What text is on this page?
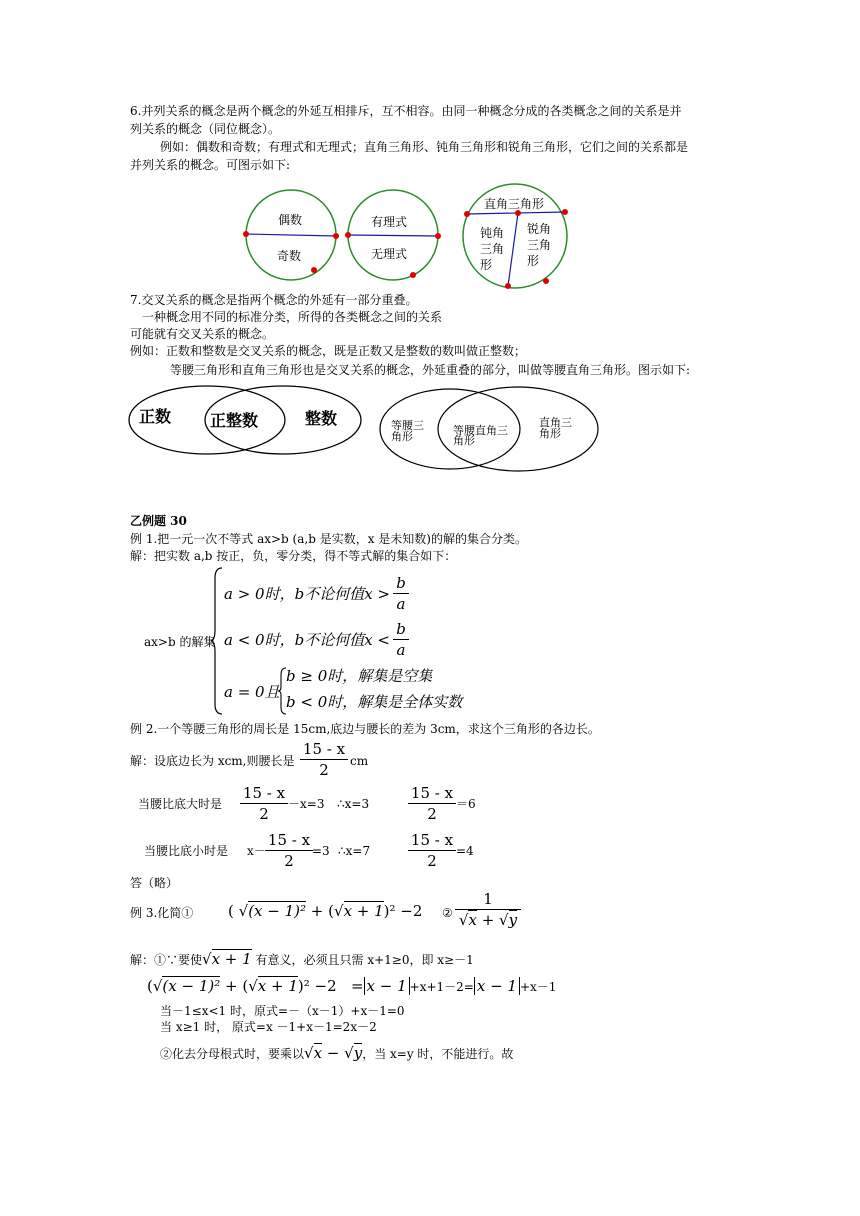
6.并列关系的概念是两个概念的外延互相排斥，互不相容。由同一种概念分成的各类概念之间的关系是并
列关系的概念（同位概念）。
例如：偶数和奇数；有理式和无理式；直角三角形、钝角三角形和锐角三角形，它们之间的关系都是
并列关系的概念。可图示如下:
偶数
奇数
有理式
无理式
直角三角形
钝角
三角
形
锐角
三角
形
7.交叉关系的概念是指两个概念的外延有一部分重叠。
一种概念用不同的标准分类，所得的各类概念之间的关系
可能就有交叉关系的概念。
例如：正数和整数是交叉关系的概念，既是正数又是整数的数叫做正整数；
等腰三角形和直角三角形也是交叉关系的概念，外延重叠的部分，叫做等腰直角三角形。图示如下:
正数 正整数	整数	等腰三
角形	等腰直角三
角形
直角三
角形
乙例题 30
例 1.把一元一次不等式 ax>b (a,b 是实数，x 是未知数)的解的集合分类。
解：把实数 a,b 按正，负，零分类，得不等式解的集合如下：
ax>b 的解集
a > 0时，b不论何值x >
b
a
a < 0时，b不论何值x <
b
a
a = 0且
b ≥ 0时，解集是空集
b < 0时，解集是全体实数
例 2.一个等腰三角形的周长是 15cm,底边与腰长的差为 3cm，求这个三角形的各边长。
解：设底边长为 xcm,则腰长是
15 - x
2	cm
当腰比底大时是
15 - x
2
－x=3 ∴x=3
15 - x
2
＝6
当腰比底小时是 x－
15 - x
2
=3 ∴x=7
15 - x
2
=4
答（略）
例 3.化简① ( √(x − 1)² + (√x + 1)² −2 ②
1
√x + √y
解：①∵要使√x + 1 有意义，必须且只需 x+1≥0，即 x≥－1
(√(x − 1)² + (√x + 1)² −2 = x − 1 +x+1－2= x − 1 +x－1
当－1≤x<1 时，原式=－（x－1）+x－1=0
当 x≥1 时， 原式=x －1+x－1=2x－2
②化去分母根式时，要乘以√x − √y，当 x=y 时，不能进行。故
